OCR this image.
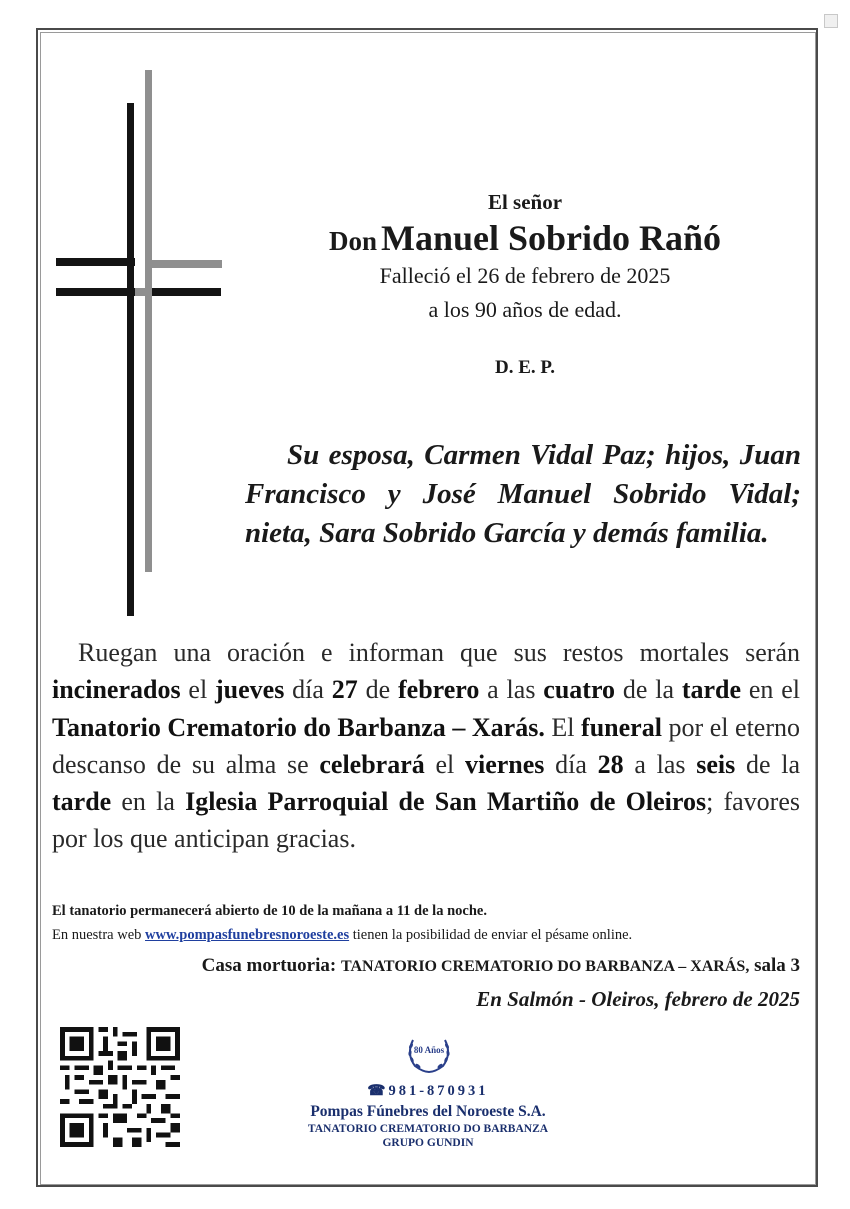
El señor
Don Manuel Sobrido Rañó
Falleció el 26 de febrero de 2025
a los 90 años de edad.
D. E. P.
Su esposa, Carmen Vidal Paz; hijos, Juan Francisco y José Manuel Sobrido Vidal; nieta, Sara Sobrido García y demás familia.
Ruegan una oración e informan que sus restos mortales serán incinerados el jueves día 27 de febrero a las cuatro de la tarde en el Tanatorio Crematorio do Barbanza – Xarás. El funeral por el eterno descanso de su alma se celebrará el viernes día 28 a las seis de la tarde en la Iglesia Parroquial de San Martiño de Oleiros; favores por los que anticipan gracias.
El tanatorio permanecerá abierto de 10 de la mañana a 11 de la noche.
En nuestra web www.pompasfunebresnoroeste.es tienen la posibilidad de enviar el pésame online.
Casa mortuoria: TANATORIO CREMATORIO DO BARBANZA – XARÁS, sala 3
En Salmón - Oleiros, febrero de 2025
80 Años
☎981-870931
Pompas Fúnebres del Noroeste S.A.
TANATORIO CREMATORIO DO BARBANZA
GRUPO GUNDIN
